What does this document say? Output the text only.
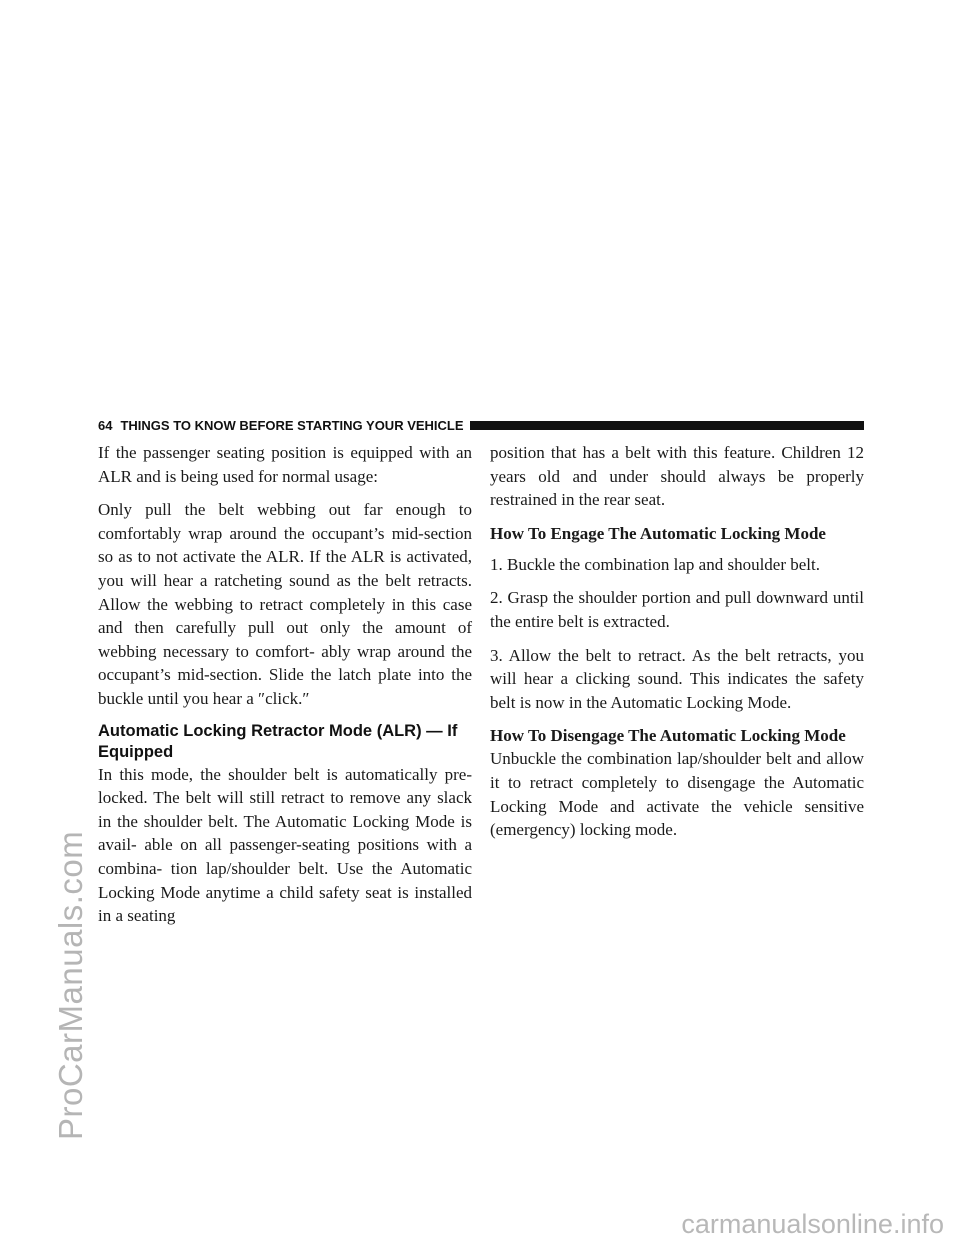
ProCarManuals.com
64 THINGS TO KNOW BEFORE STARTING YOUR VEHICLE

If the passenger seating position is equipped with an ALR and is being used for normal usage:

Only pull the belt webbing out far enough to comfortably wrap around the occupant’s mid-section so as to not activate the ALR. If the ALR is activated, you will hear a ratcheting sound as the belt retracts. Allow the webbing to retract completely in this case and then carefully pull out only the amount of webbing necessary to comfort- ably wrap around the occupant’s mid-section. Slide the latch plate into the buckle until you hear a ″click.″

Automatic Locking Retractor Mode (ALR) — If Equipped

In this mode, the shoulder belt is automatically pre- locked. The belt will still retract to remove any slack in the shoulder belt. The Automatic Locking Mode is avail- able on all passenger-seating positions with a combina- tion lap/shoulder belt. Use the Automatic Locking Mode anytime a child safety seat is installed in a seating

position that has a belt with this feature. Children 12 years old and under should always be properly restrained in the rear seat.

How To Engage The Automatic Locking Mode

1. Buckle the combination lap and shoulder belt.

2. Grasp the shoulder portion and pull downward until the entire belt is extracted.

3. Allow the belt to retract. As the belt retracts, you will hear a clicking sound. This indicates the safety belt is now in the Automatic Locking Mode.

How To Disengage The Automatic Locking Mode

Unbuckle the combination lap/shoulder belt and allow it to retract completely to disengage the Automatic Locking Mode and activate the vehicle sensitive (emergency) locking mode.

carmanualsonline.info
